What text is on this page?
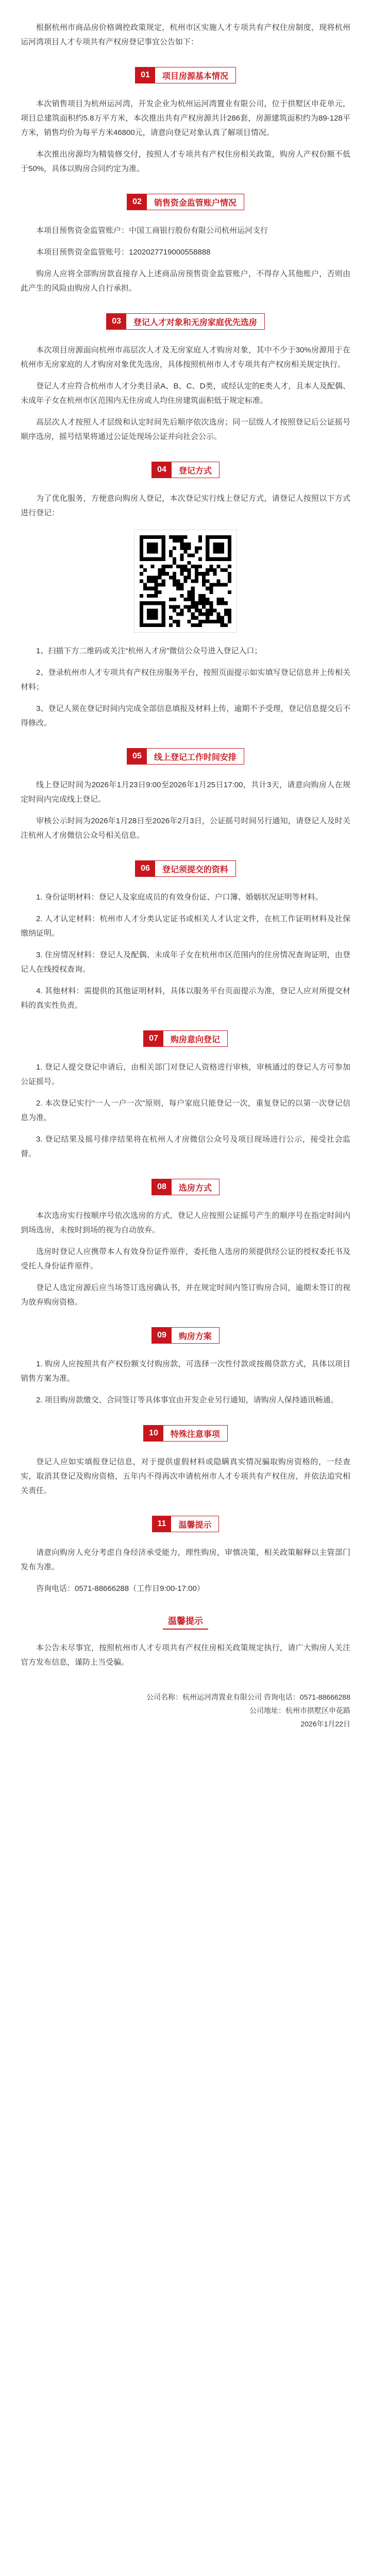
根据杭州市商品房价格调控政策规定，杭州市区实施人才专项共有产权住房制度，现将杭州运河湾项目人才专项共有产权房登记事宜公告如下：

01	项目房源基本情况

本次销售项目为杭州运河湾，开发企业为杭州运河湾置业有限公司，位于拱墅区申花单元，项目总建筑面积约5.8万平方米，本次推出共有产权房源共计286套，房源建筑面积约为89-128平方米，销售均价为每平方米46800元，请意向登记对象认真了解项目情况。

本次推出房源均为精装修交付，按照人才专项共有产权住房相关政策，购房人产权份额不低于50%，具体以购房合同约定为准。

02	销售资金监管账户情况

本项目预售资金监管账户：中国工商银行股份有限公司杭州运河支行

本项目预售资金监管账号：1202027719000558888

购房人应将全部购房款直接存入上述商品房预售资金监管账户，不得存入其他账户，否则由此产生的风险由购房人自行承担。

03	登记人才对象和无房家庭优先选房

本次项目房源面向杭州市高层次人才及无房家庭人才购房对象，其中不少于30%房源用于在杭州市无房家庭的人才购房对象优先选房，具体按照杭州市人才专项共有产权房相关规定执行。

登记人才应符合杭州市人才分类目录A、B、C、D类，或经认定的E类人才，且本人及配偶、未成年子女在杭州市区范围内无住房或人均住房建筑面积低于规定标准。

高层次人才按照人才层级和认定时间先后顺序依次选房；同一层级人才按照登记后公证摇号顺序选房，摇号结果将通过公证处现场公证并向社会公示。

04	登记方式

为了优化服务，方便意向购房人登记，本次登记实行线上登记方式，请登记人按照以下方式进行登记：

1、扫描下方二维码或关注“杭州人才房”微信公众号进入登记入口；

2、登录杭州市人才专项共有产权住房服务平台，按照页面提示如实填写登记信息并上传相关材料；

3、登记人须在登记时间内完成全部信息填报及材料上传，逾期不予受理，登记信息提交后不得修改。

05	线上登记工作时间安排

线上登记时间为2026年1月23日9:00至2026年1月25日17:00，共计3天，请意向购房人在规定时间内完成线上登记。

审核公示时间为2026年1月28日至2026年2月3日，公证摇号时间另行通知，请登记人及时关注杭州人才房微信公众号相关信息。

06	登记须提交的资料

1. 身份证明材料：登记人及家庭成员的有效身份证、户口簿、婚姻状况证明等材料。

2. 人才认定材料：杭州市人才分类认定证书或相关人才认定文件，在杭工作证明材料及社保缴纳证明。

3. 住房情况材料：登记人及配偶、未成年子女在杭州市区范围内的住房情况查询证明，由登记人在线授权查询。

4. 其他材料：需提供的其他证明材料，具体以服务平台页面提示为准，登记人应对所提交材料的真实性负责。

07	购房意向登记

1. 登记人提交登记申请后，由相关部门对登记人资格进行审核，审核通过的登记人方可参加公证摇号。

2. 本次登记实行“一人一户一次”原则，每户家庭只能登记一次，重复登记的以第一次登记信息为准。

3. 登记结果及摇号排序结果将在杭州人才房微信公众号及项目现场进行公示，接受社会监督。

08	选房方式

本次选房实行按顺序号依次选房的方式，登记人应按照公证摇号产生的顺序号在指定时间内到场选房，未按时到场的视为自动放弃。

选房时登记人应携带本人有效身份证件原件，委托他人选房的须提供经公证的授权委托书及受托人身份证件原件。

登记人选定房源后应当场签订选房确认书，并在规定时间内签订购房合同，逾期未签订的视为放弃购房资格。

09	购房方案

1. 购房人应按照共有产权份额支付购房款，可选择一次性付款或按揭贷款方式，具体以项目销售方案为准。

2. 项目购房款缴交、合同签订等具体事宜由开发企业另行通知，请购房人保持通讯畅通。

10	特殊注意事项

登记人应如实填报登记信息，对于提供虚假材料或隐瞒真实情况骗取购房资格的，一经查实，取消其登记及购房资格，五年内不得再次申请杭州市人才专项共有产权住房，并依法追究相关责任。

11	温馨提示

请意向购房人充分考虑自身经济承受能力，理性购房，审慎决策，相关政策解释以主管部门发布为准。

咨询电话：0571-88666288（工作日9:00-17:00）

温馨提示

本公告未尽事宜，按照杭州市人才专项共有产权住房相关政策规定执行，请广大购房人关注官方发布信息，谨防上当受骗。

公司名称：杭州运河湾置业有限公司 咨询电话：0571-88666288
公司地址：杭州市拱墅区申花路
2026年1月22日
